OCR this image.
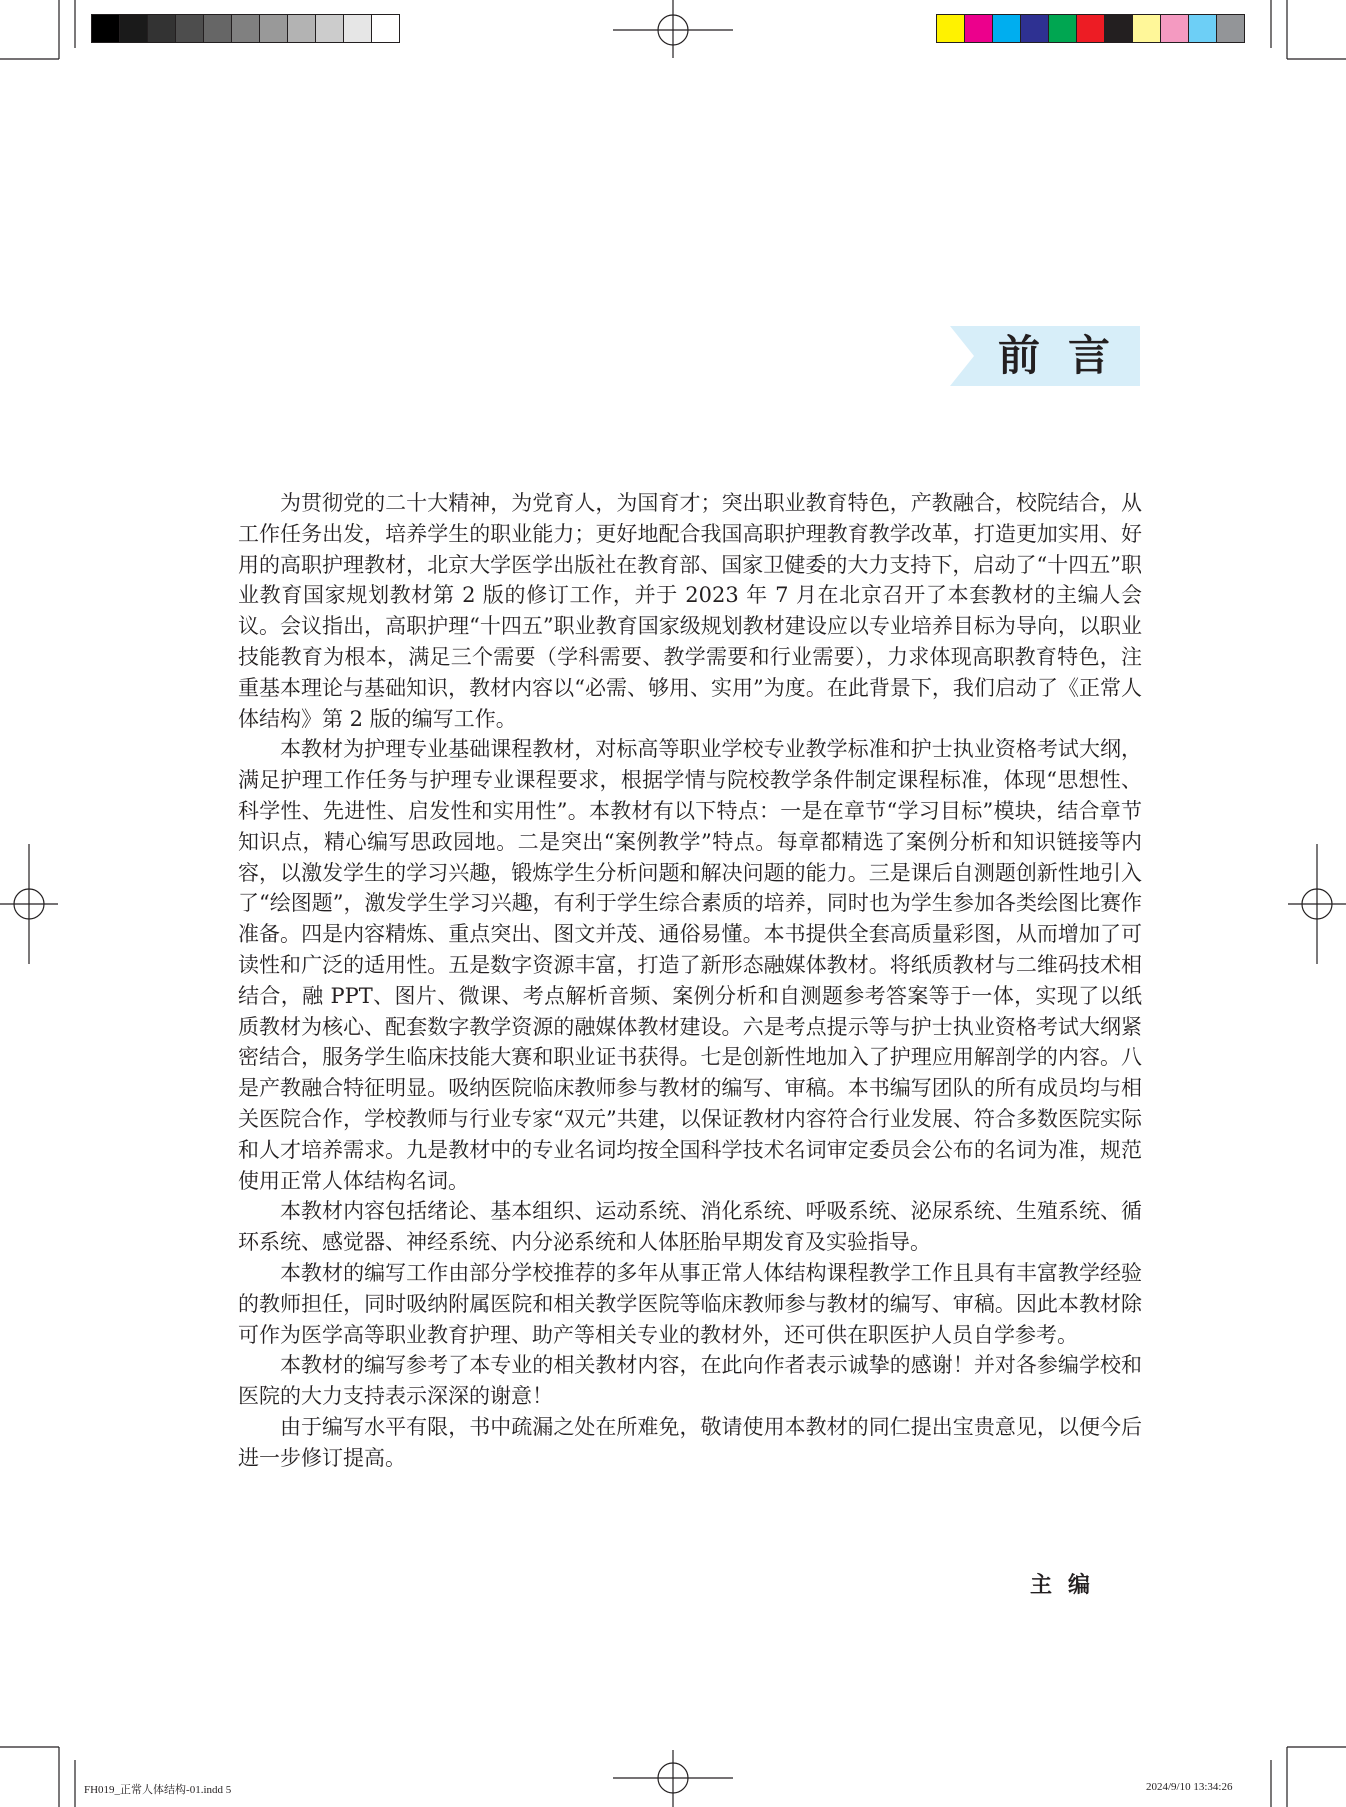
前言

为贯彻党的二十大精神，为党育人，为国育才；突出职业教育特色，产教融合，校院结合，从工作任务出发，培养学生的职业能力；更好地配合我国高职护理教育教学改革，打造更加实用、好用的高职护理教材，北京大学医学出版社在教育部、国家卫健委的大力支持下，启动了“十四五”职业教育国家规划教材第 2 版的修订工作，并于 2023 年 7 月在北京召开了本套教材的主编人会议。会议指出，高职护理“十四五”职业教育国家级规划教材建设应以专业培养目标为导向，以职业技能教育为根本，满足三个需要（学科需要、教学需要和行业需要），力求体现高职教育特色，注重基本理论与基础知识，教材内容以“必需、够用、实用”为度。在此背景下，我们启动了《正常人体结构》第 2 版的编写工作。

本教材为护理专业基础课程教材，对标高等职业学校专业教学标准和护士执业资格考试大纲，满足护理工作任务与护理专业课程要求，根据学情与院校教学条件制定课程标准，体现“思想性、科学性、先进性、启发性和实用性”。本教材有以下特点：一是在章节“学习目标”模块，结合章节知识点，精心编写思政园地。二是突出“案例教学”特点。每章都精选了案例分析和知识链接等内容，以激发学生的学习兴趣，锻炼学生分析问题和解决问题的能力。三是课后自测题创新性地引入了“绘图题”，激发学生学习兴趣，有利于学生综合素质的培养，同时也为学生参加各类绘图比赛作准备。四是内容精炼、重点突出、图文并茂、通俗易懂。本书提供全套高质量彩图，从而增加了可读性和广泛的适用性。五是数字资源丰富，打造了新形态融媒体教材。将纸质教材与二维码技术相结合，融 PPT、图片、微课、考点解析音频、案例分析和自测题参考答案等于一体，实现了以纸质教材为核心、配套数字教学资源的融媒体教材建设。六是考点提示等与护士执业资格考试大纲紧密结合，服务学生临床技能大赛和职业证书获得。七是创新性地加入了护理应用解剖学的内容。八是产教融合特征明显。吸纳医院临床教师参与教材的编写、审稿。本书编写团队的所有成员均与相关医院合作，学校教师与行业专家“双元”共建，以保证教材内容符合行业发展、符合多数医院实际和人才培养需求。九是教材中的专业名词均按全国科学技术名词审定委员会公布的名词为准，规范使用正常人体结构名词。

本教材内容包括绪论、基本组织、运动系统、消化系统、呼吸系统、泌尿系统、生殖系统、循环系统、感觉器、神经系统、内分泌系统和人体胚胎早期发育及实验指导。

本教材的编写工作由部分学校推荐的多年从事正常人体结构课程教学工作且具有丰富教学经验的教师担任，同时吸纳附属医院和相关教学医院等临床教师参与教材的编写、审稿。因此本教材除可作为医学高等职业教育护理、助产等相关专业的教材外，还可供在职医护人员自学参考。

本教材的编写参考了本专业的相关教材内容，在此向作者表示诚挚的感谢！并对各参编学校和医院的大力支持表示深深的谢意！

由于编写水平有限，书中疏漏之处在所难免，敬请使用本教材的同仁提出宝贵意见，以便今后进一步修订提高。

主编
FH019_正常人体结构-01.indd 5	2024/9/10 13:34:26
